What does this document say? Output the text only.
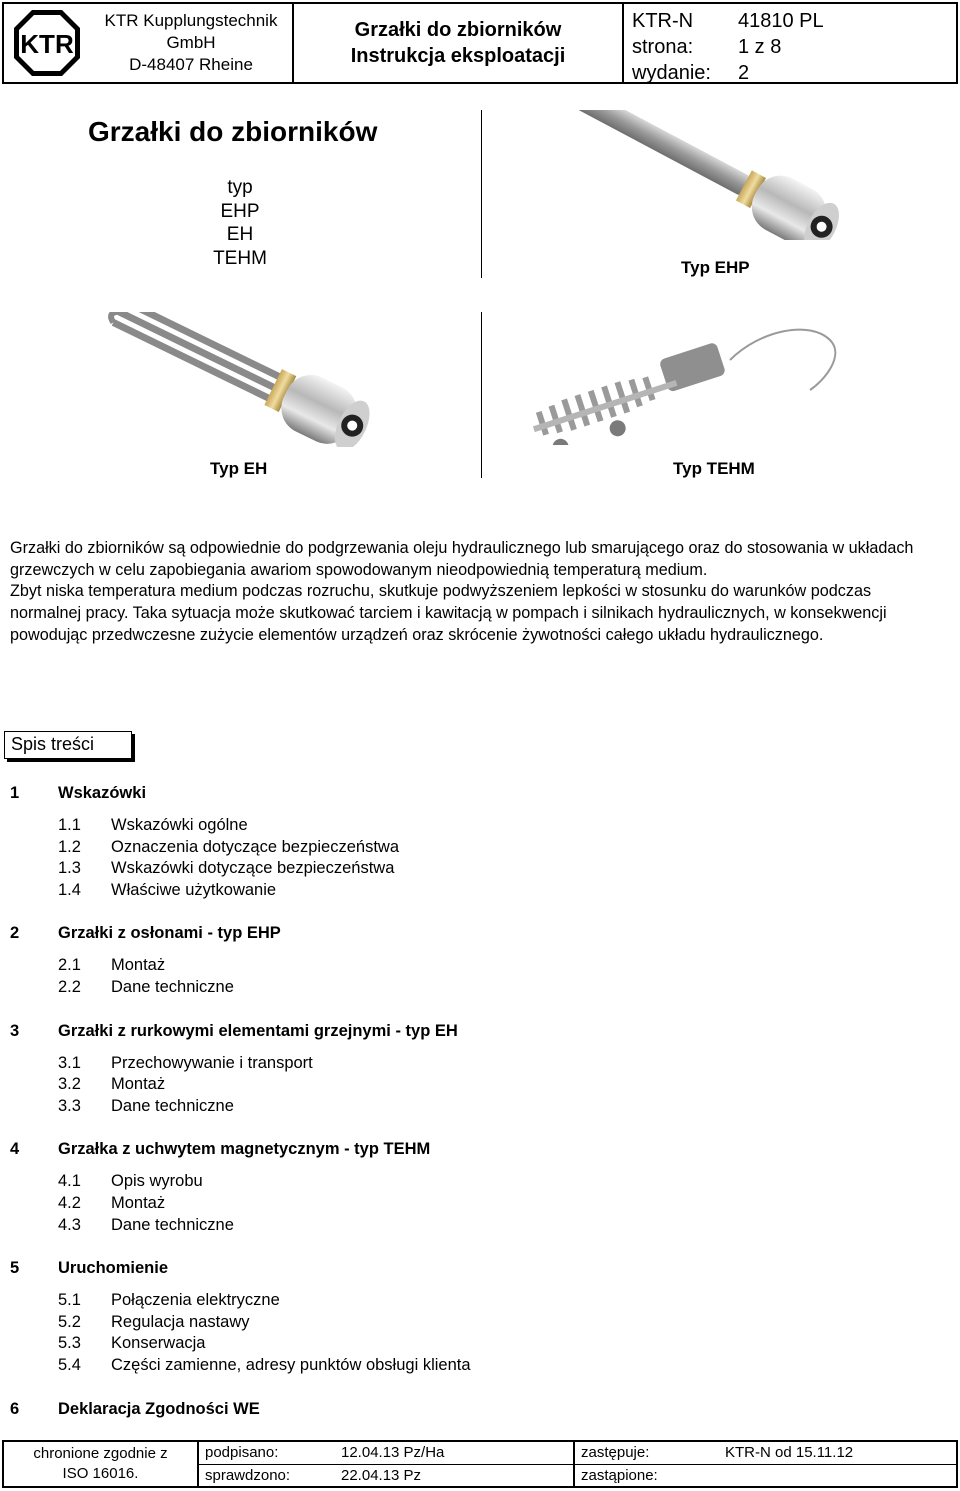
KTR
KTR Kupplungstechnik
GmbH
D-48407 Rheine
Grzałki do zbiorników
Instrukcja eksploatacji
KTR-N	41810 PL
strona:	1 z 8
wydanie:	2
Grzałki do zbiorników
typ
EHP
EH
TEHM	Typ EHP
Typ EH	Typ TEHM

Grzałki do zbiorników są odpowiednie do podgrzewania oleju hydraulicznego lub smarującego oraz do stosowania w układach grzewczych w celu zapobiegania awariom spowodowanym nieodpowiednią temperaturą medium.

Zbyt niska temperatura medium podczas rozruchu, skutkuje podwyższeniem lepkości w stosunku do warunków podczas normalnej pracy. Taka sytuacja może skutkować tarciem i kawitacją w pompach i silnikach hydraulicznych, w konsekwencji powodując przedwczesne zużycie elementów urządzeń oraz skrócenie żywotności całego układu hydraulicznego.

Spis treści
1	Wskazówki
1.1	Wskazówki ogólne
1.2	Oznaczenia dotyczące bezpieczeństwa
1.3	Wskazówki dotyczące bezpieczeństwa
1.4	Właściwe użytkowanie
2	Grzałki z osłonami - typ EHP
2.1	Montaż
2.2	Dane techniczne
3	Grzałki z rurkowymi elementami grzejnymi - typ EH
3.1	Przechowywanie i transport
3.2	Montaż
3.3	Dane techniczne
4	Grzałka z uchwytem magnetycznym - typ TEHM
4.1	Opis wyrobu
4.2	Montaż
4.3	Dane techniczne
5	Uruchomienie
5.1	Połączenia elektryczne
5.2	Regulacja nastawy
5.3	Konserwacja
5.4	Części zamienne, adresy punktów obsługi klienta
6	Deklaracja Zgodności WE
chronione zgodnie z
ISO 16016.
podpisano:	12.04.13 Pz/Ha
sprawdzono:	22.04.13 Pz
zastępuje:	KTR-N od 15.11.12
zastąpione:
